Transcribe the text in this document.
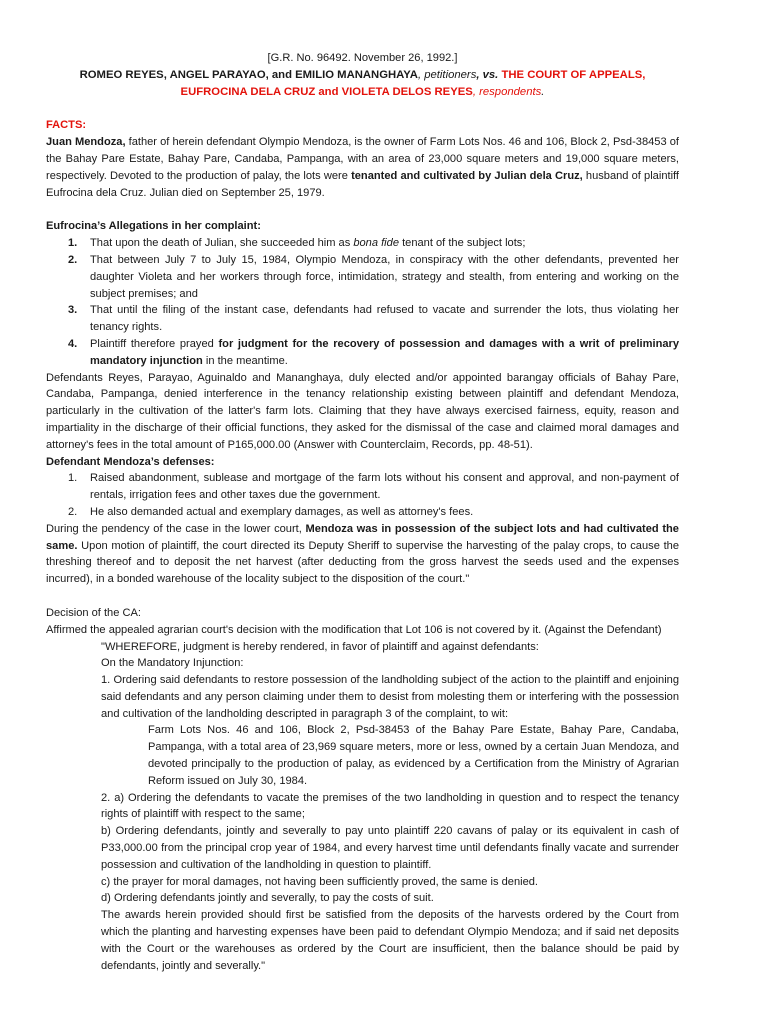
[G.R. No. 96492. November 26, 1992.]

ROMEO REYES, ANGEL PARAYAO, and EMILIO MANANGHAYA, petitioners, vs. THE COURT OF APPEALS,
EUFROCINA DELA CRUZ and VIOLETA DELOS REYES, respondents.

FACTS:

Juan Mendoza, father of herein defendant Olympio Mendoza, is the owner of Farm Lots Nos. 46 and 106, Block 2, Psd-38453 of the Bahay Pare Estate, Bahay Pare, Candaba, Pampanga, with an area of 23,000 square meters and 19,000 square meters, respectively. Devoted to the production of palay, the lots were tenanted and cultivated by Julian dela Cruz, husband of plaintiff Eufrocina dela Cruz. Julian died on September 25, 1979.

Eufrocina’s Allegations in her complaint:

1. That upon the death of Julian, she succeeded him as bona fide tenant of the subject lots;
2. That between July 7 to July 15, 1984, Olympio Mendoza, in conspiracy with the other defendants, prevented her daughter Violeta and her workers through force, intimidation, strategy and stealth, from entering and working on the subject premises; and
3. That until the filing of the instant case, defendants had refused to vacate and surrender the lots, thus violating her tenancy rights.
4. Plaintiff therefore prayed for judgment for the recovery of possession and damages with a writ of preliminary mandatory injunction in the meantime.

Defendants Reyes, Parayao, Aguinaldo and Mananghaya, duly elected and/or appointed barangay officials of Bahay Pare, Candaba, Pampanga, denied interference in the tenancy relationship existing between plaintiff and defendant Mendoza, particularly in the cultivation of the latter's farm lots. Claiming that they have always exercised fairness, equity, reason and impartiality in the discharge of their official functions, they asked for the dismissal of the case and claimed moral damages and attorney's fees in the total amount of P165,000.00 (Answer with Counterclaim, Records, pp. 48-51).

Defendant Mendoza’s defenses:

1. Raised abandonment, sublease and mortgage of the farm lots without his consent and approval, and non-payment of rentals, irrigation fees and other taxes due the government.
2. He also demanded actual and exemplary damages, as well as attorney's fees.

During the pendency of the case in the lower court, Mendoza was in possession of the subject lots and had cultivated the same. Upon motion of plaintiff, the court directed its Deputy Sheriff to supervise the harvesting of the palay crops, to cause the threshing thereof and to deposit the net harvest (after deducting from the gross harvest the seeds used and the expenses incurred), in a bonded warehouse of the locality subject to the disposition of the court."

Decision of the CA:

Affirmed the appealed agrarian court's decision with the modification that Lot 106 is not covered by it. (Against the Defendant)

"WHEREFORE, judgment is hereby rendered, in favor of plaintiff and against defendants:

On the Mandatory Injunction:

1. Ordering said defendants to restore possession of the landholding subject of the action to the plaintiff and enjoining said defendants and any person claiming under them to desist from molesting them or interfering with the possession and cultivation of the landholding descripted in paragraph 3 of the complaint, to wit:

Farm Lots Nos. 46 and 106, Block 2, Psd-38453 of the Bahay Pare Estate, Bahay Pare, Candaba, Pampanga, with a total area of 23,969 square meters, more or less, owned by a certain Juan Mendoza, and devoted principally to the production of palay, as evidenced by a Certification from the Ministry of Agrarian Reform issued on July 30, 1984.

2. a) Ordering the defendants to vacate the premises of the two landholding in question and to respect the tenancy rights of plaintiff with respect to the same;

b) Ordering defendants, jointly and severally to pay unto plaintiff 220 cavans of palay or its equivalent in cash of P33,000.00 from the principal crop year of 1984, and every harvest time until defendants finally vacate and surrender possession and cultivation of the landholding in question to plaintiff.

c) the prayer for moral damages, not having been sufficiently proved, the same is denied.

d) Ordering defendants jointly and severally, to pay the costs of suit.

The awards herein provided should first be satisfied from the deposits of the harvests ordered by the Court from which the planting and harvesting expenses have been paid to defendant Olympio Mendoza; and if said net deposits with the Court or the warehouses as ordered by the Court are insufficient, then the balance should be paid by defendants, jointly and severally."
